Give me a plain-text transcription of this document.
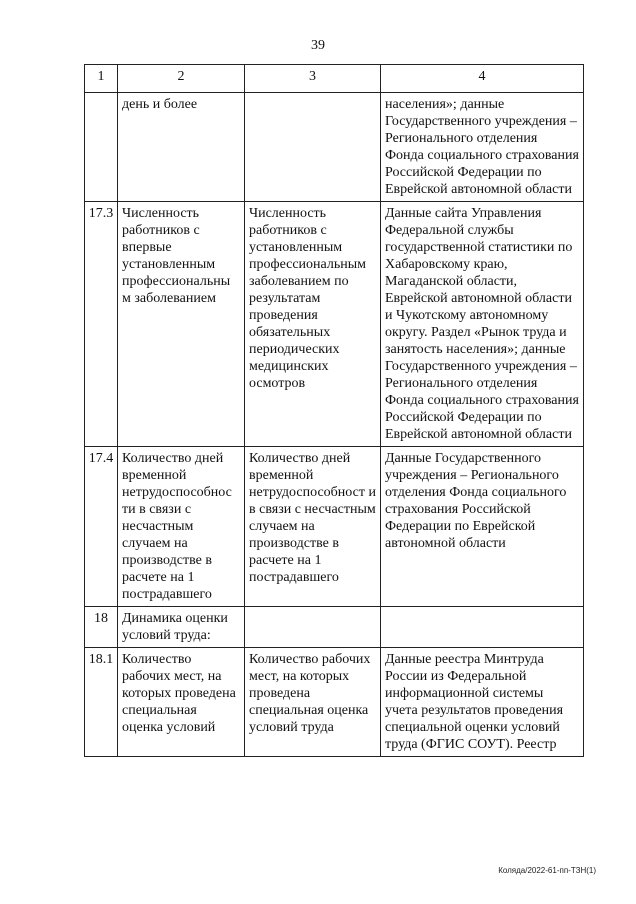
39
1	2	3	4
	день и более		населения»; данные Государственного учреждения – Регионального отделения Фонда социального страхования Российской Федерации по Еврейской автономной области
17.3	Численность работников с впервые установленным профессиональны м заболеванием	Численность работников с установленным профессиональным заболеванием по результатам проведения обязательных периодических медицинских осмотров	Данные сайта Управления Федеральной службы государственной статистики по Хабаровскому краю, Магаданской области, Еврейской автономной области и Чукотскому автономному округу. Раздел «Рынок труда и занятость населения»; данные Государственного учреждения – Регионального отделения Фонда социального страхования Российской Федерации по Еврейской автономной области
17.4	Количество дней временной нетрудоспособнос ти в связи с несчастным случаем на производстве в расчете на 1 пострадавшего	Количество дней временной нетрудоспособност и в связи с несчастным случаем на производстве в расчете на 1 пострадавшего	Данные Государственного учреждения – Регионального отделения Фонда социального страхования Российской Федерации по Еврейской автономной области
18	Динамика оценки условий труда:		
18.1	Количество рабочих мест, на которых проведена специальная оценка условий	Количество рабочих мест, на которых проведена специальная оценка условий труда	Данные реестра Минтруда России из Федеральной информационной системы учета результатов проведения специальной оценки условий труда (ФГИС СОУТ). Реестр
Коляда/2022-61-пп-ТЗН(1)
